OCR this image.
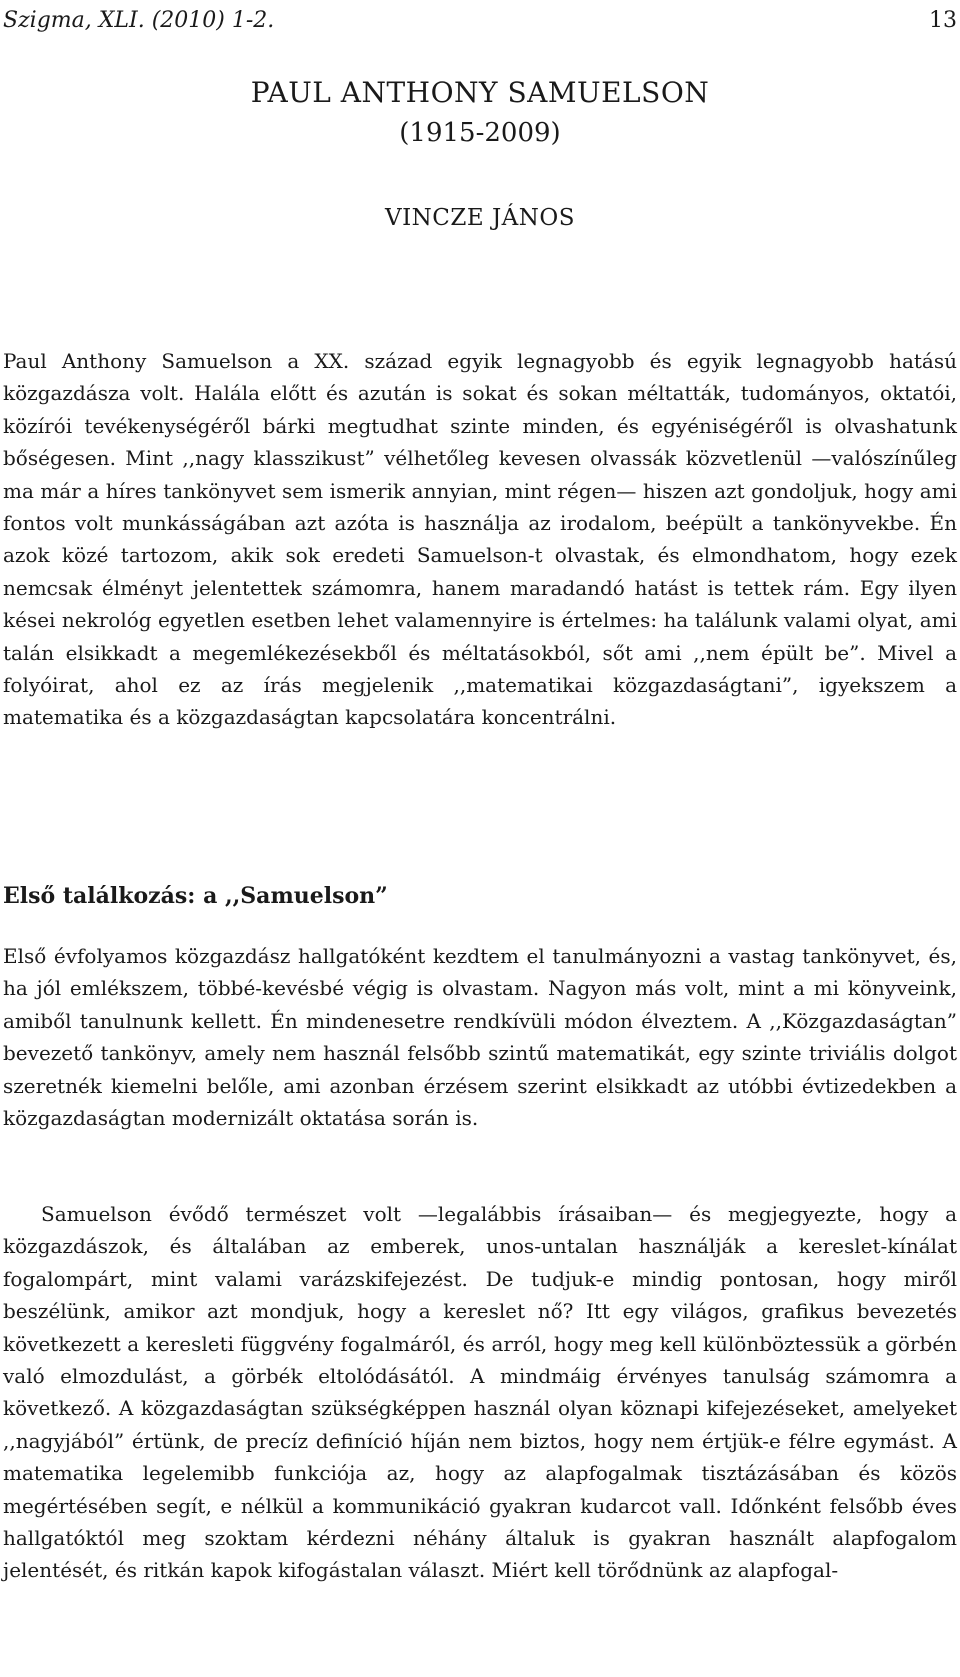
Szigma, XLI. (2010) 1-2.	13
PAUL ANTHONY SAMUELSON
(1915-2009)
VINCZE JÁNOS

Paul Anthony Samuelson a XX. század egyik legnagyobb és egyik legnagyobb hatású közgazdásza volt. Halála előtt és azután is sokat és sokan méltatták, tudományos, oktatói, közírói tevékenységéről bárki megtudhat szinte minden, és egyéniségéről is olvashatunk bőségesen. Mint ,,nagy klasszikust” vélhetőleg kevesen olvassák közvetlenül —valószínűleg ma már a híres tankönyvet sem ismerik annyian, mint régen— hiszen azt gondoljuk, hogy ami fontos volt munkásságában azt azóta is használja az irodalom, beépült a tankönyvekbe. Én azok közé tartozom, akik sok eredeti Samuelson-t olvastak, és elmondhatom, hogy ezek nemcsak élményt jelentettek számomra, hanem maradandó hatást is tettek rám. Egy ilyen kései nekrológ egyetlen esetben lehet valamennyire is értelmes: ha találunk valami olyat, ami talán elsikkadt a megemlékezésekből és méltatásokból, sőt ami ,,nem épült be”. Mivel a folyóirat, ahol ez az írás megjelenik ,,matematikai közgazdaságtani”, igyekszem a matematika és a közgazdaságtan kapcsolatára koncentrálni.

Első találkozás: a ,,Samuelson”

Első évfolyamos közgazdász hallgatóként kezdtem el tanulmányozni a vastag tankönyvet, és, ha jól emlékszem, többé-kevésbé végig is olvastam. Nagyon más volt, mint a mi könyveink, amiből tanulnunk kellett. Én mindenesetre rendkívüli módon élveztem. A ,,Közgazdaságtan” bevezető tankönyv, amely nem használ felsőbb szintű matematikát, egy szinte triviális dolgot szeretnék kiemelni belőle, ami azonban érzésem szerint elsikkadt az utóbbi évtizedekben a közgazdaságtan modernizált oktatása során is.

Samuelson évődő természet volt —legalábbis írásaiban— és megjegyezte, hogy a közgazdászok, és általában az emberek, unos-untalan használják a kereslet-kínálat fogalompárt, mint valami varázskifejezést. De tudjuk-e mindig pontosan, hogy miről beszélünk, amikor azt mondjuk, hogy a kereslet nő? Itt egy világos, grafikus bevezetés következett a keresleti függvény fogalmáról, és arról, hogy meg kell különböztessük a görbén való elmozdulást, a görbék eltolódásától. A mindmáig érvényes tanulság számomra a következő. A közgazdaságtan szükségképpen használ olyan köznapi kifejezéseket, amelyeket ,,nagyjából” értünk, de precíz definíció híján nem biztos, hogy nem értjük-e félre egymást. A matematika legelemibb funkciója az, hogy az alapfogalmak tisztázásában és közös megértésében segít, e nélkül a kommunikáció gyakran kudarcot vall. Időnként felsőbb éves hallgatóktól meg szoktam kérdezni néhány általuk is gyakran használt alapfogalom jelentését, és ritkán kapok kifogástalan választ. Miért kell törődnünk az alapfogal-
